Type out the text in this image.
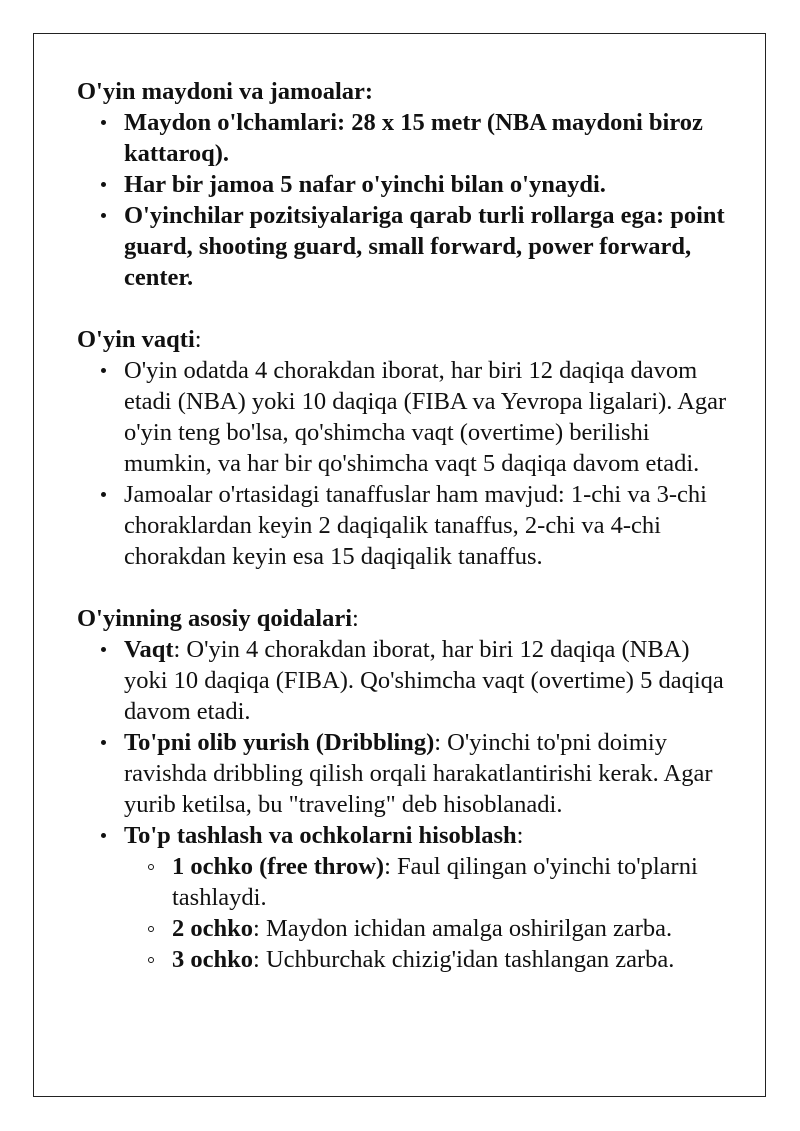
O'yin maydoni va jamoalar:

Maydon o'lchamlari: 28 x 15 metr (NBA maydoni biroz kattaroq).
Har bir jamoa 5 nafar o'yinchi bilan o'ynaydi.
O'yinchilar pozitsiyalariga qarab turli rollarga ega: point guard, shooting guard, small forward, power forward, center.

O'yin vaqti:

O'yin odatda 4 chorakdan iborat, har biri 12 daqiqa davom etadi (NBA) yoki 10 daqiqa (FIBA va Yevropa ligalari). Agar o'yin teng bo'lsa, qo'shimcha vaqt (overtime) berilishi mumkin, va har bir qo'shimcha vaqt 5 daqiqa davom etadi.
Jamoalar o'rtasidagi tanaffuslar ham mavjud: 1-chi va 3-chi choraklardan keyin 2 daqiqalik tanaffus, 2-chi va 4-chi chorakdan keyin esa 15 daqiqalik tanaffus.

O'yinning asosiy qoidalari:

Vaqt: O'yin 4 chorakdan iborat, har biri 12 daqiqa (NBA) yoki 10 daqiqa (FIBA). Qo'shimcha vaqt (overtime) 5 daqiqa davom etadi.
To'pni olib yurish (Dribbling): O'yinchi to'pni doimiy ravishda dribbling qilish orqali harakatlantirishi kerak. Agar yurib ketilsa, bu "traveling" deb hisoblanadi.
To'p tashlash va ochkolarni hisoblash:
1 ochko (free throw): Faul qilingan o'yinchi to'plarni tashlaydi.
2 ochko: Maydon ichidan amalga oshirilgan zarba.
3 ochko: Uchburchak chizig'idan tashlangan zarba.
